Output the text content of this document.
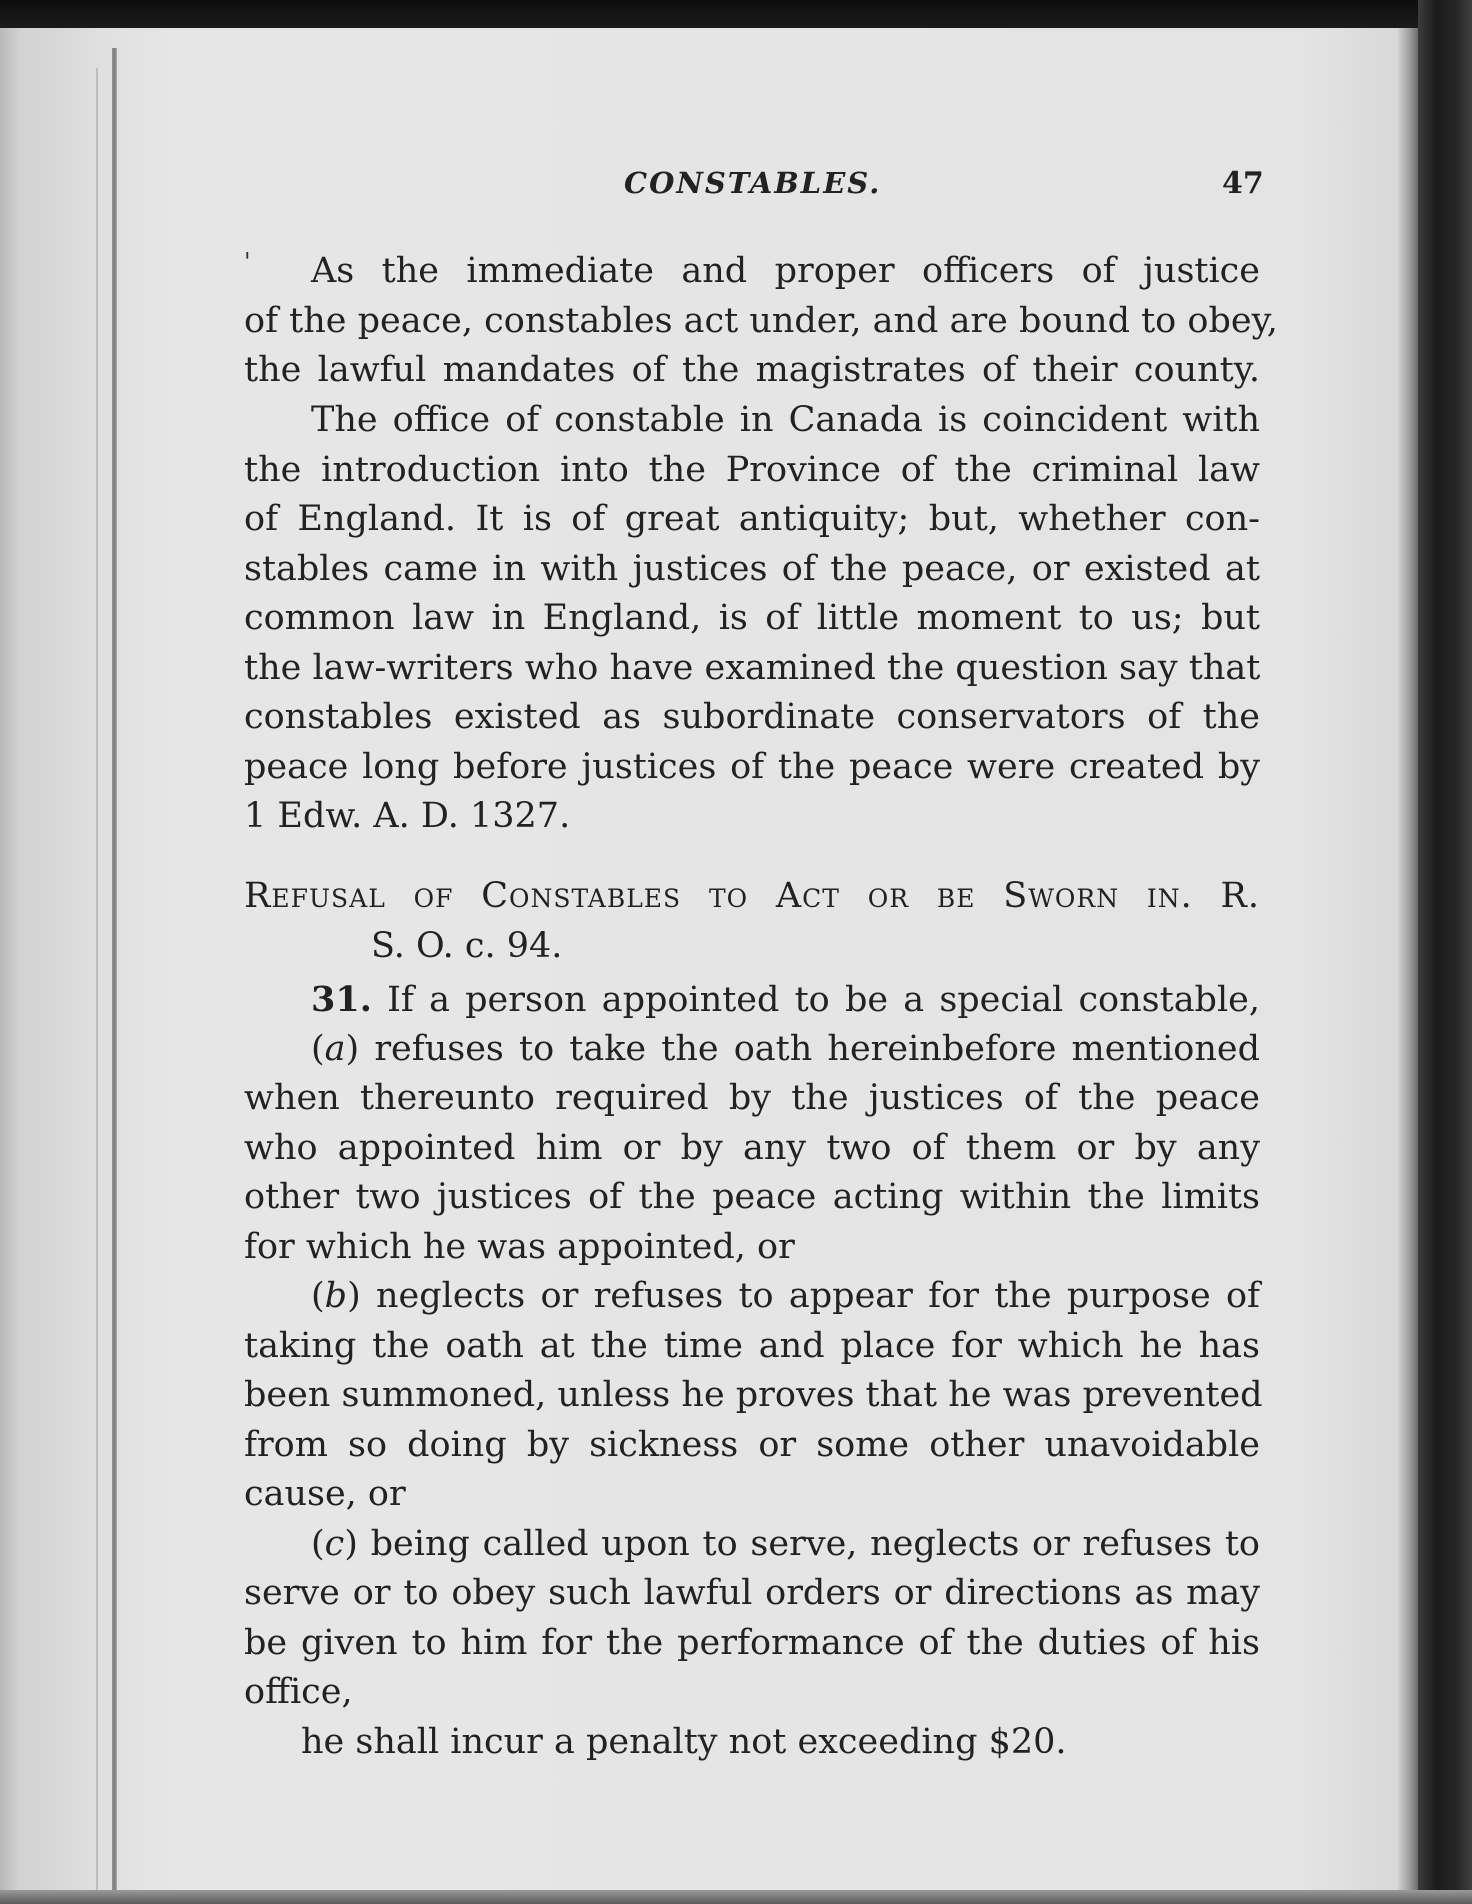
CONSTABLES.	47
'	As the immediate and proper officers of justice
of the peace, constables act under, and are bound to obey,
the lawful mandates of the magistrates of their county.
The office of constable in Canada is coincident with
the introduction into the Province of the criminal law
of England. It is of great antiquity; but, whether con-
stables came in with justices of the peace, or existed at
common law in England, is of little moment to us; but
the law-writers who have examined the question say that
constables existed as subordinate conservators of the
peace long before justices of the peace were created by
1 Edw. A. D. 1327.
Refusal of Constables to Act or be Sworn in. R.
S. O. c. 94.
31. If a person appointed to be a special constable,
(a) refuses to take the oath hereinbefore mentioned
when thereunto required by the justices of the peace
who appointed him or by any two of them or by any
other two justices of the peace acting within the limits
for which he was appointed, or
(b) neglects or refuses to appear for the purpose of
taking the oath at the time and place for which he has
been summoned, unless he proves that he was prevented
from so doing by sickness or some other unavoidable
cause, or
(c) being called upon to serve, neglects or refuses to
serve or to obey such lawful orders or directions as may
be given to him for the performance of the duties of his
office,
he shall incur a penalty not exceeding $20.
